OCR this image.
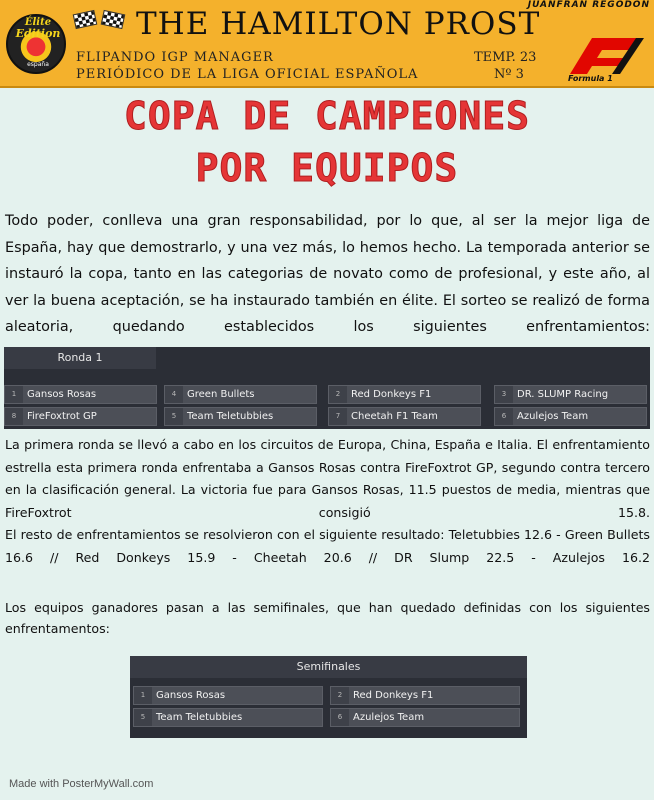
Élite
Edition
españa
THE HAMILTON PROST
JUANFRAN REGODON
FLIPANDO IGP MANAGER
PERIÓDICO DE LA LIGA OFICIAL ESPAÑOLA
TEMP. 23
Nº 3	Formula 1
COPA DE CAMPEONES
POR EQUIPOS
Todo poder, conlleva una gran responsabilidad, por lo que, al ser la mejor liga de España, hay que demostrarlo, y una vez más, lo hemos hecho. La temporada anterior se instauró la copa, tanto en las categorias de novato como de profesional, y este año, al ver la buena aceptación, se ha instaurado también en élite. El sorteo se realizó de forma aleatoria, quedando establecidos los siguientes enfrentamientos:
Ronda 1
1	Gansos Rosas
8	FireFoxtrot GP
4	Green Bullets
5	Team Teletubbies
2	Red Donkeys F1
7	Cheetah F1 Team
3	DR. SLUMP Racing
6	Azulejos Team
La primera ronda se llevó a cabo en los circuitos de Europa, China, España e Italia. El enfrentamiento estrella esta primera ronda enfrentaba a Gansos Rosas contra FireFoxtrot GP, segundo contra tercero en la clasificación general. La victoria fue para Gansos Rosas, 11.5 puestos de media, mientras que FireFoxtrot consigió 15.8.
El resto de enfrentamientos se resolvieron con el siguiente resultado: Teletubbies 12.6 - Green Bullets 16.6 // Red Donkeys 15.9 - Cheetah 20.6 // DR Slump 22.5 - Azulejos 16.2
Los equipos ganadores pasan a las semifinales, que han quedado definidas con los siguientes enfrentamentos:
Semifinales
1	Gansos Rosas
5	Team Teletubbies
2	Red Donkeys F1
6	Azulejos Team
Made with PosterMyWall.com
